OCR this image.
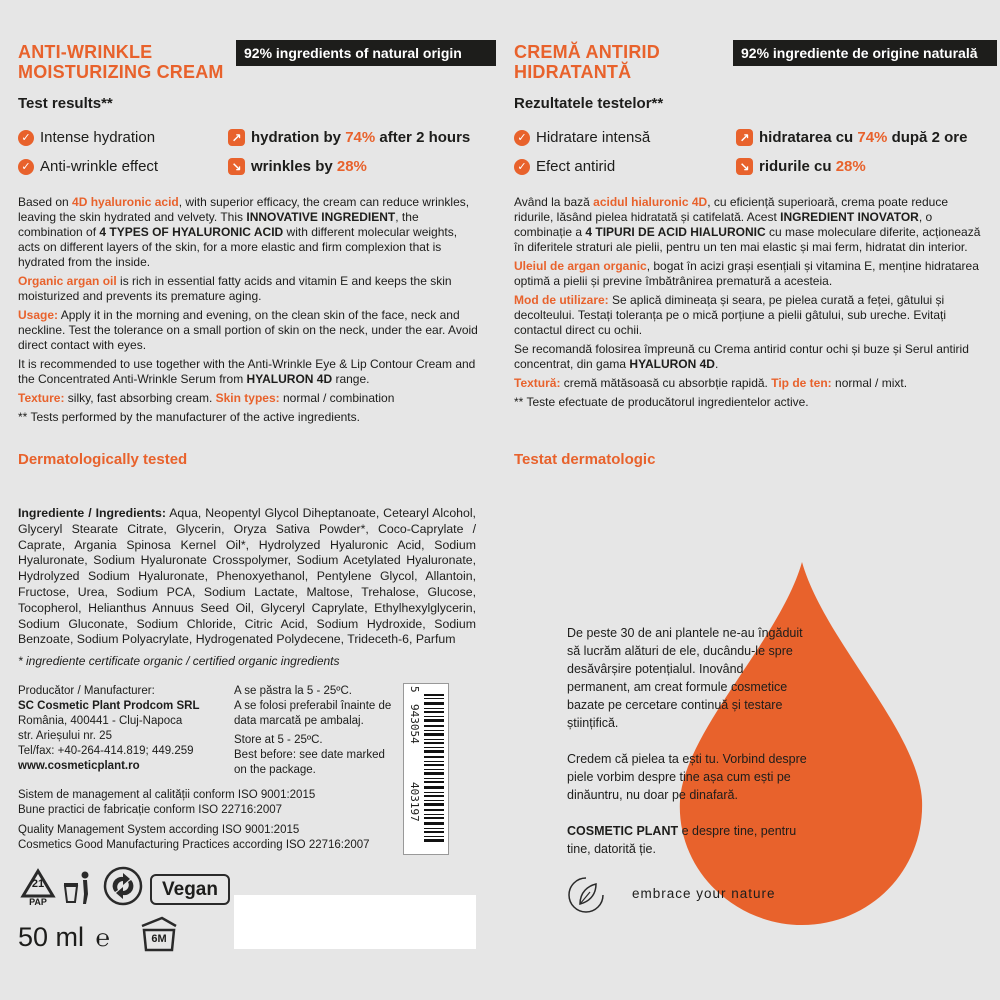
ANTI-WRINKLE
MOISTURIZING CREAM
92% ingredients of natural origin
Test results**
✓ Intense hydration
✓ Anti-wrinkle effect
↗ hydration by 74% after 2 hours
↘ wrinkles by 28%

Based on 4D hyaluronic acid, with superior efficacy, the cream can reduce wrinkles, leaving the skin hydrated and velvety. This INNOVATIVE INGREDIENT, the combination of 4 TYPES OF HYALURONIC ACID with different molecular weights, acts on different layers of the skin, for a more elastic and firm complexion that is hydrated from the inside.

Organic argan oil is rich in essential fatty acids and vitamin E and keeps the skin moisturized and prevents its premature aging.

Usage: Apply it in the morning and evening, on the clean skin of the face, neck and neckline. Test the tolerance on a small portion of skin on the neck, under the ear. Avoid direct contact with eyes.

It is recommended to use together with the Anti-Wrinkle Eye & Lip Contour Cream and the Concentrated Anti-Wrinkle Serum from HYALURON 4D range.

Texture: silky, fast absorbing cream. Skin types: normal / combination

** Tests performed by the manufacturer of the active ingredients.

Dermatologically tested
CREMĂ ANTIRID
HIDRATANTĂ
92% ingrediente de origine naturală
Rezultatele testelor**
✓ Hidratare intensă
✓ Efect antirid
↗ hidratarea cu 74% după 2 ore
↘ ridurile cu 28%

Având la bază acidul hialuronic 4D, cu eficiență superioară, crema poate reduce ridurile, lăsând pielea hidratată și catifelată. Acest INGREDIENT INOVATOR, o combinație a 4 TIPURI DE ACID HIALURONIC cu mase moleculare diferite, acționează în diferitele straturi ale pielii, pentru un ten mai elastic și mai ferm, hidratat din interior.

Uleiul de argan organic, bogat în acizi grași esențiali și vitamina E, menține hidratarea optimă a pielii și previne îmbătrânirea prematură a acesteia.

Mod de utilizare: Se aplică dimineața și seara, pe pielea curată a feței, gâtului și decolteului. Testați toleranța pe o mică porțiune a pielii gâtului, sub ureche. Evitați contactul direct cu ochii.

Se recomandă folosirea împreună cu Crema antirid contur ochi și buze și Serul antirid concentrat, din gama HYALURON 4D.

Textură: cremă mătăsoasă cu absorbție rapidă. Tip de ten: normal / mixt.

** Teste efectuate de producătorul ingredientelor active.

Testat dermatologic
Ingrediente / Ingredients: Aqua, Neopentyl Glycol Diheptanoate, Cetearyl Alcohol, Glyceryl Stearate Citrate, Glycerin, Oryza Sativa Powder*, Coco-Caprylate / Caprate, Argania Spinosa Kernel Oil*, Hydrolyzed Hyaluronic Acid, Sodium Hyaluronate, Sodium Hyaluronate Crosspolymer, Sodium Acetylated Hyaluronate, Hydrolyzed Sodium Hyaluronate, Phenoxyethanol, Pentylene Glycol, Allantoin, Fructose, Urea, Sodium PCA, Sodium Lactate, Maltose, Trehalose, Glucose, Tocopherol, Helianthus Annuus Seed Oil, Glyceryl Caprylate, Ethylhexylglycerin, Sodium Gluconate, Sodium Chloride, Citric Acid, Sodium Hydroxide, Sodium Benzoate, Sodium Polyacrylate, Hydrogenated Polydecene, Trideceth-6, Parfum
* ingrediente certificate organic / certified organic ingredients
Producător / Manufacturer:
SC Cosmetic Plant Prodcom SRL
România, 400441 - Cluj-Napoca
str. Arieșului nr. 25
Tel/fax: +40-264-414.819; 449.259
www.cosmeticplant.ro
A se păstra la 5 - 25ºC.
A se folosi preferabil înainte de data marcată pe ambalaj.
Store at 5 - 25ºC.
Best before: see date marked on the package.
5
943054
403197
Sistem de management al calității conform ISO 9001:2015
Bune practici de fabricație conform ISO 22716:2007
Quality Management System according ISO 9001:2015
Cosmetics Good Manufacturing Practices according ISO 22716:2007
21
PAP
Vegan
50 ml ℮	6M
De peste 30 de ani plantele ne-au îngăduit să lucrăm alături de ele, ducându-le spre desăvârșire potențialul. Inovând permanent, am creat formule cosmetice bazate pe cercetare continuă și testare științifică.
Credem că pielea ta ești tu. Vorbind despre piele vorbim despre tine așa cum ești pe dinăuntru, nu doar pe dinafară.
COSMETIC PLANT e despre tine, pentru tine, datorită ție.
embrace your nature
